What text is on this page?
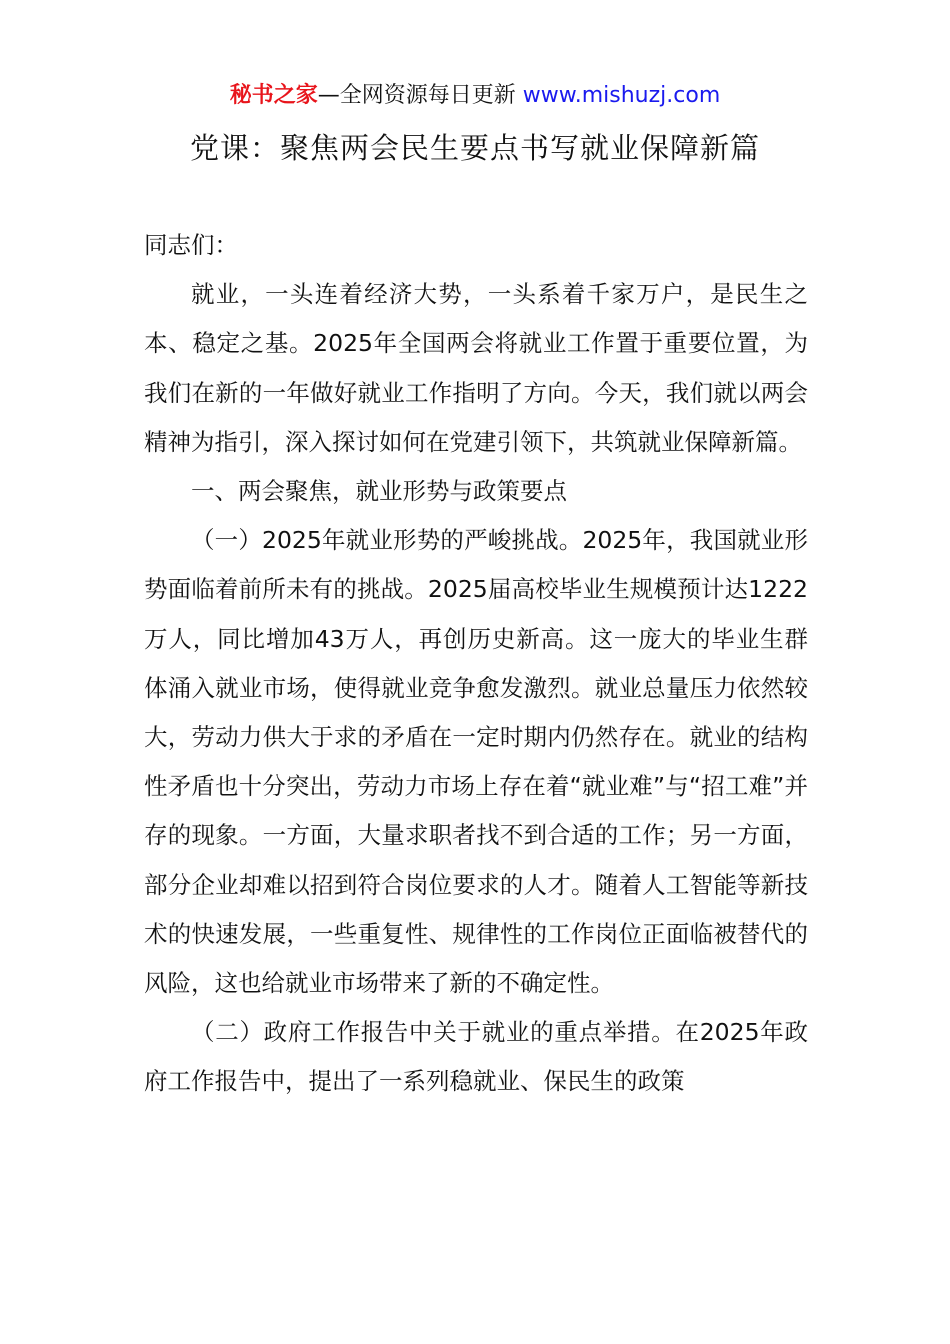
秘书之家—全网资源每日更新 www.mishuzj.com
党课：聚焦两会民生要点书写就业保障新篇

同志们：

就业，一头连着经济大势，一头系着千家万户，是民生之本、稳定之基。2025年全国两会将就业工作置于重要位置，为我们在新的一年做好就业工作指明了方向。今天，我们就以两会精神为指引，深入探讨如何在党建引领下，共筑就业保障新篇。

一、两会聚焦，就业形势与政策要点

（一）2025年就业形势的严峻挑战。2025年，我国就业形势面临着前所未有的挑战。2025届高校毕业生规模预计达1222万人，同比增加43万人，再创历史新高。这一庞大的毕业生群体涌入就业市场，使得就业竞争愈发激烈。就业总量压力依然较大，劳动力供大于求的矛盾在一定时期内仍然存在。就业的结构性矛盾也十分突出，劳动力市场上存在着“就业难”与“招工难”并存的现象。一方面，大量求职者找不到合适的工作；另一方面，部分企业却难以招到符合岗位要求的人才。随着人工智能等新技术的快速发展，一些重复性、规律性的工作岗位正面临被替代的风险，这也给就业市场带来了新的不确定性。

（二）政府工作报告中关于就业的重点举措。在2025年政府工作报告中，提出了一系列稳就业、保民生的政策
